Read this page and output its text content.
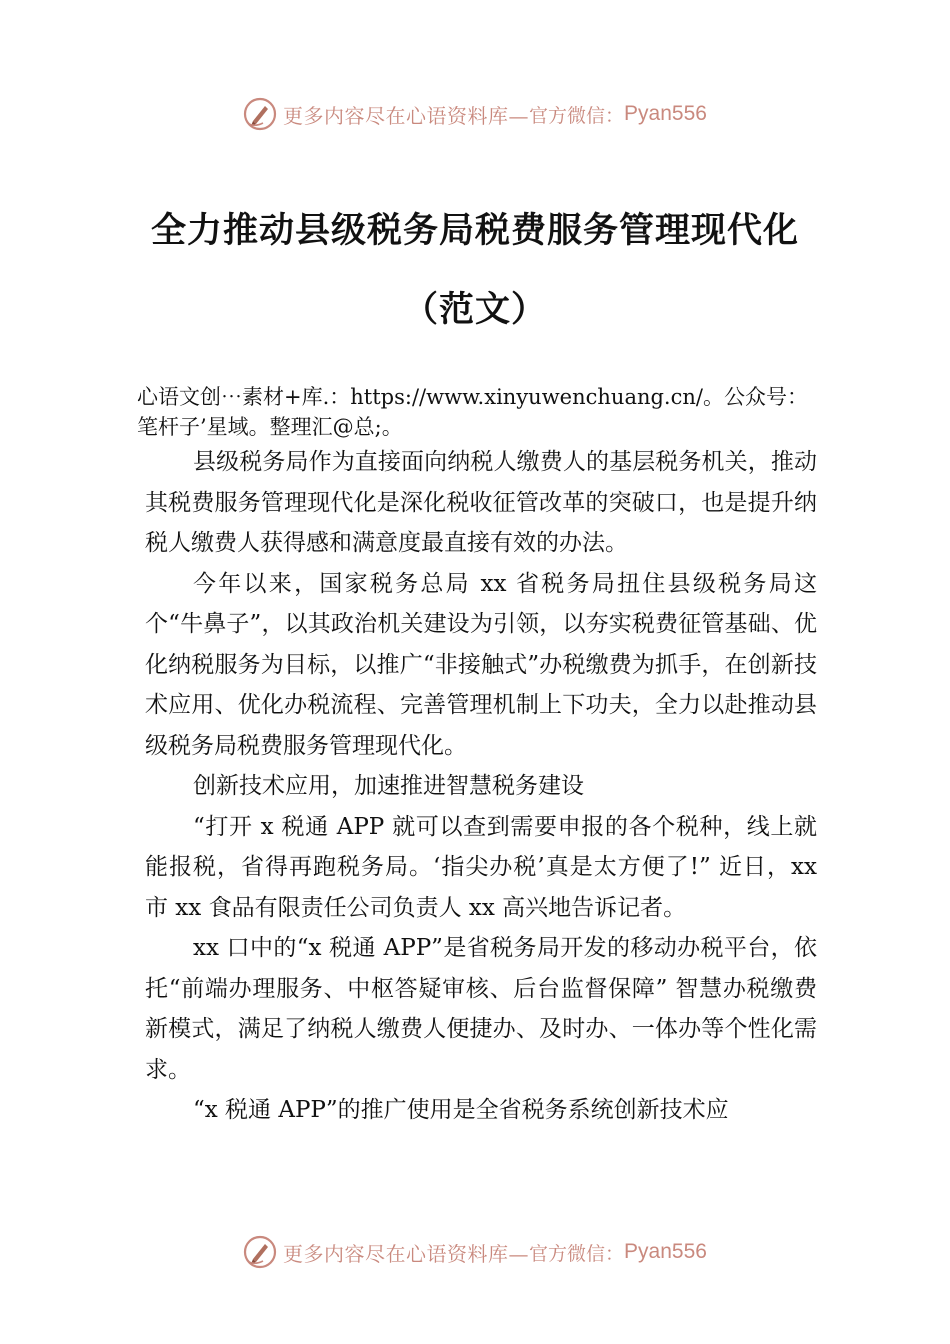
更多内容尽在心语资料库— 官方微信： Pyan556
全力推动县级税务局税费服务管理现代化
（范文）
心语文创⋯素材+库.：https://www.xinyuwenchuang.cn/。公众号：笔杆子’星域。整理汇@总;。

县级税务局作为直接面向纳税人缴费人的基层税务机关，推动其税费服务管理现代化是深化税收征管改革的突破口，也是提升纳税人缴费人获得感和满意度最直接有效的办法。

今年以来，国家税务总局 xx 省税务局扭住县级税务局这个“牛鼻子”，以其政治机关建设为引领，以夯实税费征管基础、优化纳税服务为目标，以推广“非接触式”办税缴费为抓手，在创新技术应用、优化办税流程、完善管理机制上下功夫，全力以赴推动县级税务局税费服务管理现代化。

创新技术应用，加速推进智慧税务建设

“打开 x 税通 APP 就可以查到需要申报的各个税种，线上就能报税，省得再跑税务局。‘指尖办税’真是太方便了!” 近日，xx 市 xx 食品有限责任公司负责人 xx 高兴地告诉记者。

xx 口中的“x 税通 APP”是省税务局开发的移动办税平台，依托“前端办理服务、中枢答疑审核、后台监督保障” 智慧办税缴费新模式，满足了纳税人缴费人便捷办、及时办、一体办等个性化需求。

“x 税通 APP”的推广使用是全省税务系统创新技术应

更多内容尽在心语资料库— 官方微信： Pyan556
